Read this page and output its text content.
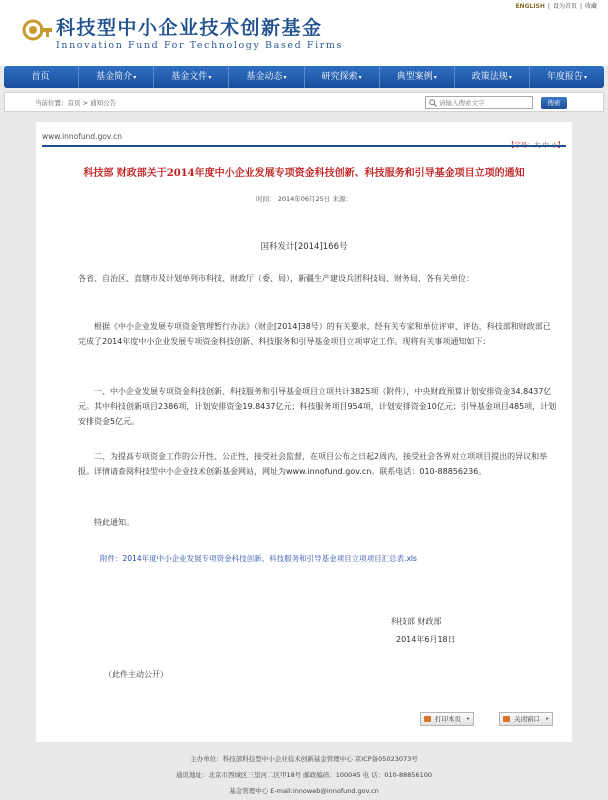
ENGLISH | 设为首页 | 收藏
科技型中小企业技术创新基金
Innovation Fund For Technology Based Firms
首页	基金简介▾	基金文件▾	基金动态▾	研究探索▾	典型案例▾	政策法规▾	年度报告▾
当前位置：首页 > 通知公告
请输入搜索文字	搜索
www.innofund.gov.cn
科技部 财政部关于2014年度中小企业发展专项资金科技创新、科技服务和引导基金项目立项的通知
时间： 2014年06月25日 来源：
国科发计[2014]166号
各省、自治区、直辖市及计划单列市科技、财政厅（委、局），新疆生产建设兵团科技局、财务局，各有关单位：
根据《中小企业发展专项资金管理暂行办法》（财企[2014]38号）的有关要求，经有关专家和单位评审、评估，科技部和财政部已完成了2014年度中小企业发展专项资金科技创新、科技服务和引导基金项目立项审定工作。现将有关事项通知如下：
一、中小企业发展专项资金科技创新、科技服务和引导基金项目立项共计3825项（附件），中央财政预算计划安排资金34.8437亿元。其中科技创新项目2386项，计划安排资金19.8437亿元；科技服务项目954项，计划安排资金10亿元；引导基金项目485项，计划安排资金5亿元。
二、为提高专项资金工作的公开性、公正性，接受社会监督，在项目公布之日起2周内，接受社会各界对立项项目提出的异议和举报。详情请查阅科技型中小企业技术创新基金网站，网址为www.innofund.gov.cn。联系电话：010-88856236。
特此通知。
附件：2014年度中小企业发展专项资金科技创新、科技服务和引导基金项目立项项目汇总表.xls
科技部 财政部
2014年6月18日
（此件主动公开）
打印本页 ▸	关闭窗口 ▸
主办单位：科技部科技型中小企业技术创新基金管理中心 京ICP备05023073号
通讯地址：北京市西城区三里河二区甲18号 邮政编码：100045 电 话：010-88856100
基金管理中心 E-mail:innoweb@innofund.gov.cn
